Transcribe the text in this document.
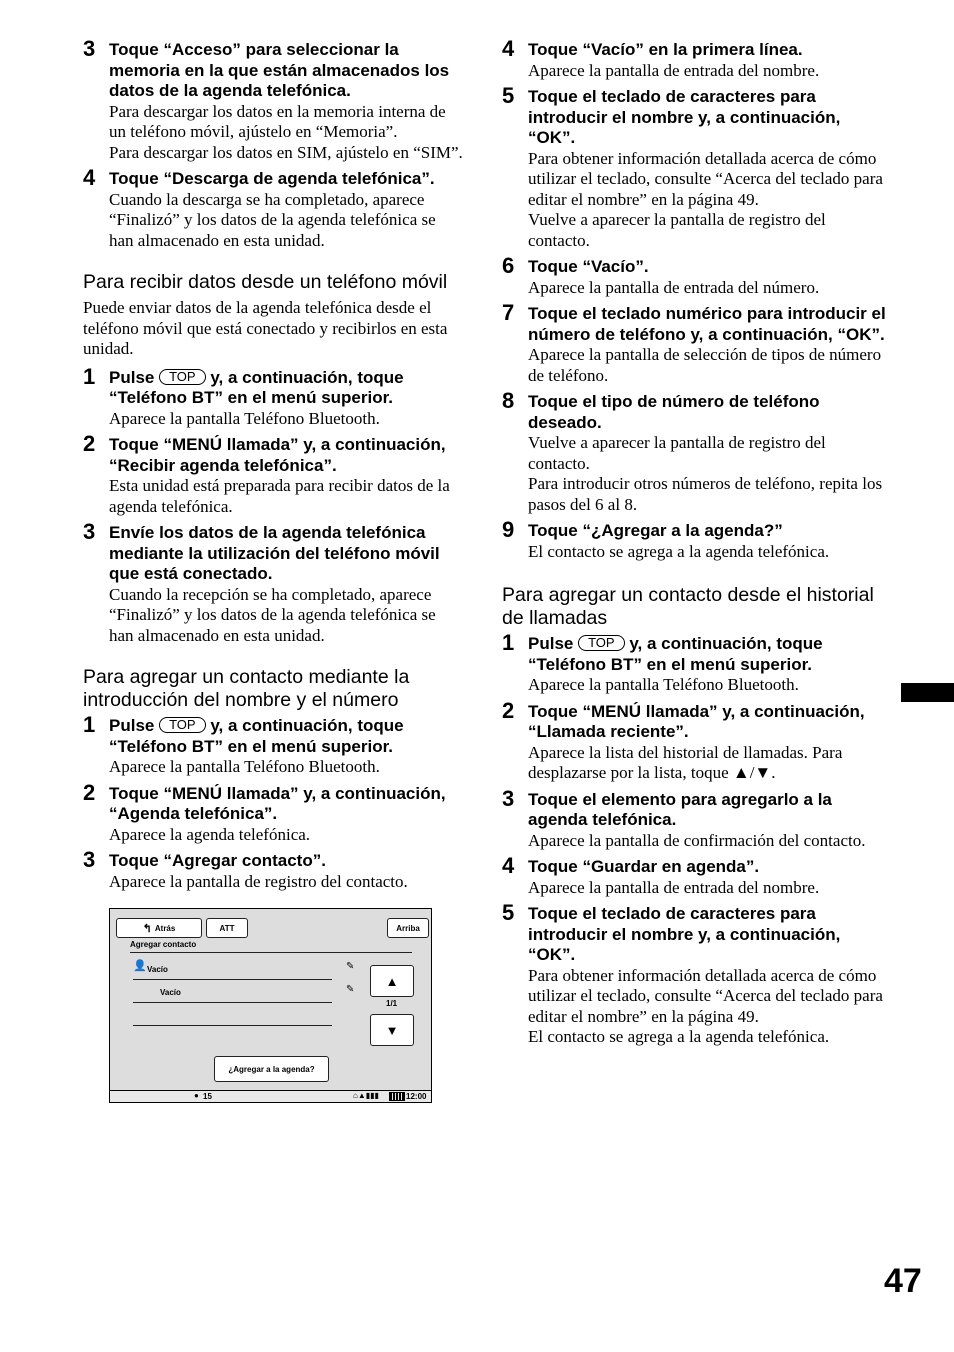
3 Toque “Acceso” para seleccionar la memoria en la que están almacenados los datos de la agenda telefónica.

Para descargar los datos en la memoria interna de un teléfono móvil, ajústelo en “Memoria”.

Para descargar los datos en SIM, ajústelo en “SIM”.

4 Toque “Descarga de agenda telefónica”.

Cuando la descarga se ha completado, aparece “Finalizó” y los datos de la agenda telefónica se han almacenado en esta unidad.

Para recibir datos desde un teléfono móvil
Puede enviar datos de la agenda telefónica desde el teléfono móvil que está conectado y recibirlos en esta unidad.
1 Pulse TOP y, a continuación, toque “Teléfono BT” en el menú superior.
Aparece la pantalla Teléfono Bluetooth.
2 Toque “MENÚ llamada” y, a continuación, “Recibir agenda telefónica”.

Esta unidad está preparada para recibir datos de la agenda telefónica.

3 Envíe los datos de la agenda telefónica mediante la utilización del teléfono móvil que está conectado.

Cuando la recepción se ha completado, aparece “Finalizó” y los datos de la agenda telefónica se han almacenado en esta unidad.

Para agregar un contacto mediante la introducción del nombre y el número
1 Pulse TOP y, a continuación, toque “Teléfono BT” en el menú superior.
Aparece la pantalla Teléfono Bluetooth.
2 Toque “MENÚ llamada” y, a continuación, “Agenda telefónica”.

Aparece la agenda telefónica.

3 Toque “Agregar contacto”.

Aparece la pantalla de registro del contacto.

↰ Atrás	ATT	Arriba
Agregar contacto
👤 Vacío	✎
Vacío	✎
▲
1/1
▼
¿Agregar a la agenda?
● 15	⌂▲▮▮▮	12:00
4 Toque “Vacío” en la primera línea.

Aparece la pantalla de entrada del nombre.

5 Toque el teclado de caracteres para introducir el nombre y, a continuación, “OK”.

Para obtener información detallada acerca de cómo utilizar el teclado, consulte “Acerca del teclado para editar el nombre” en la página 49.

Vuelve a aparecer la pantalla de registro del contacto.

6 Toque “Vacío”.

Aparece la pantalla de entrada del número.

7 Toque el teclado numérico para introducir el número de teléfono y, a continuación, “OK”.

Aparece la pantalla de selección de tipos de número de teléfono.

8 Toque el tipo de número de teléfono deseado.

Vuelve a aparecer la pantalla de registro del contacto.

Para introducir otros números de teléfono, repita los pasos del 6 al 8.

9 Toque “¿Agregar a la agenda?”

El contacto se agrega a la agenda telefónica.

Para agregar un contacto desde el historial de llamadas
1 Pulse TOP y, a continuación, toque “Teléfono BT” en el menú superior.
Aparece la pantalla Teléfono Bluetooth.
2 Toque “MENÚ llamada” y, a continuación, “Llamada reciente”.

Aparece la lista del historial de llamadas. Para desplazarse por la lista, toque ▲/▼.

3 Toque el elemento para agregarlo a la agenda telefónica.

Aparece la pantalla de confirmación del contacto.

4 Toque “Guardar en agenda”.

Aparece la pantalla de entrada del nombre.

5 Toque el teclado de caracteres para introducir el nombre y, a continuación, “OK”.

Para obtener información detallada acerca de cómo utilizar el teclado, consulte “Acerca del teclado para editar el nombre” en la página 49.

El contacto se agrega a la agenda telefónica.

47
